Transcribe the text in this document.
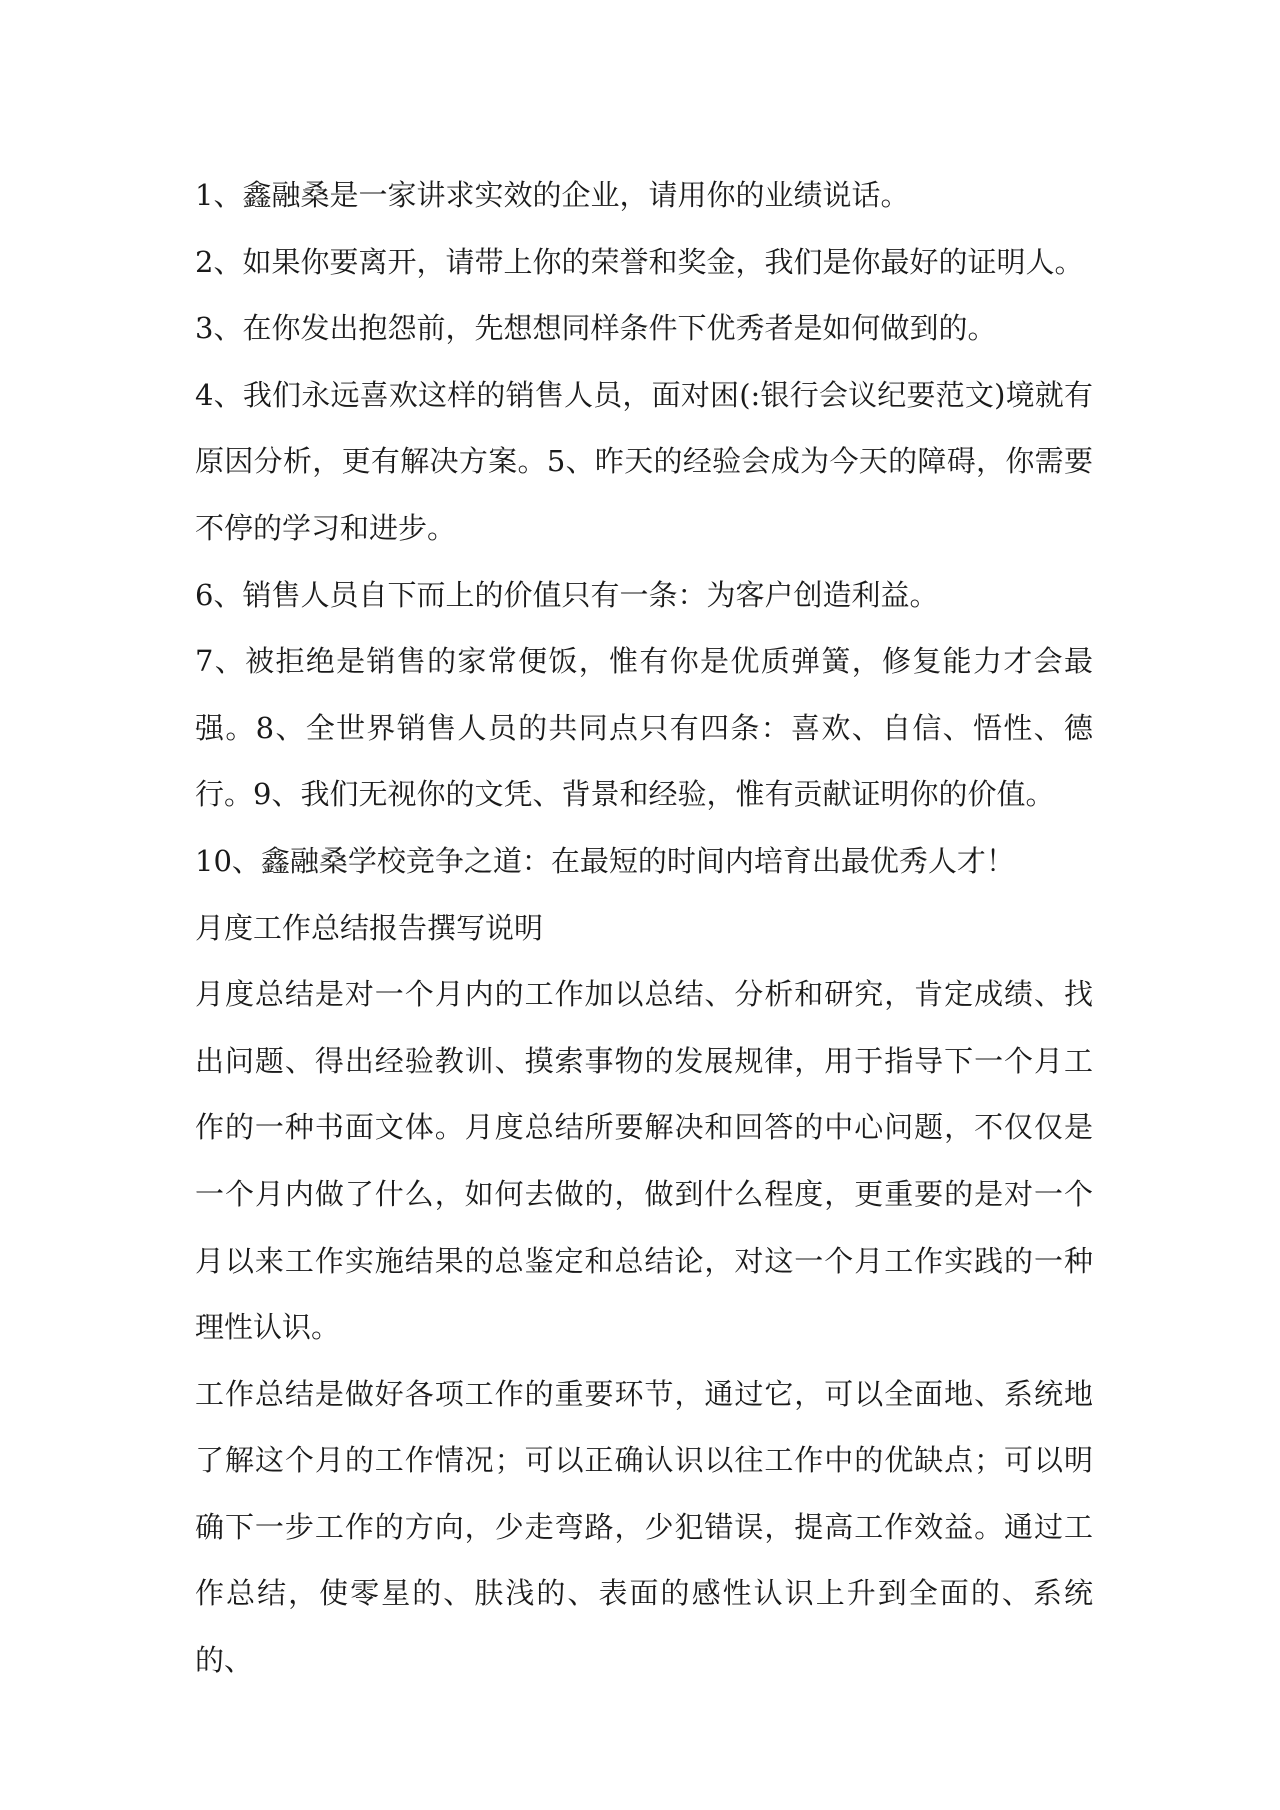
1、鑫融桑是一家讲求实效的企业，请用你的业绩说话。

2、如果你要离开，请带上你的荣誉和奖金，我们是你最好的证明人。

3、在你发出抱怨前，先想想同样条件下优秀者是如何做到的。

4、我们永远喜欢这样的销售人员，面对困(:银行会议纪要范文)境就有原因分析，更有解决方案。5、昨天的经验会成为今天的障碍，你需要不停的学习和进步。

6、销售人员自下而上的价值只有一条：为客户创造利益。

7、被拒绝是销售的家常便饭，惟有你是优质弹簧，修复能力才会最强。8、全世界销售人员的共同点只有四条：喜欢、自信、悟性、德行。9、我们无视你的文凭、背景和经验，惟有贡献证明你的价值。

10、鑫融桑学校竞争之道：在最短的时间内培育出最优秀人才！

月度工作总结报告撰写说明

月度总结是对一个月内的工作加以总结、分析和研究，肯定成绩、找出问题、得出经验教训、摸索事物的发展规律，用于指导下一个月工作的一种书面文体。月度总结所要解决和回答的中心问题，不仅仅是一个月内做了什么，如何去做的，做到什么程度，更重要的是对一个月以来工作实施结果的总鉴定和总结论，对这一个月工作实践的一种理性认识。

工作总结是做好各项工作的重要环节，通过它，可以全面地、系统地了解这个月的工作情况；可以正确认识以往工作中的优缺点；可以明确下一步工作的方向，少走弯路，少犯错误，提高工作效益。通过工作总结，使零星的、肤浅的、表面的感性认识上升到全面的、系统的、
